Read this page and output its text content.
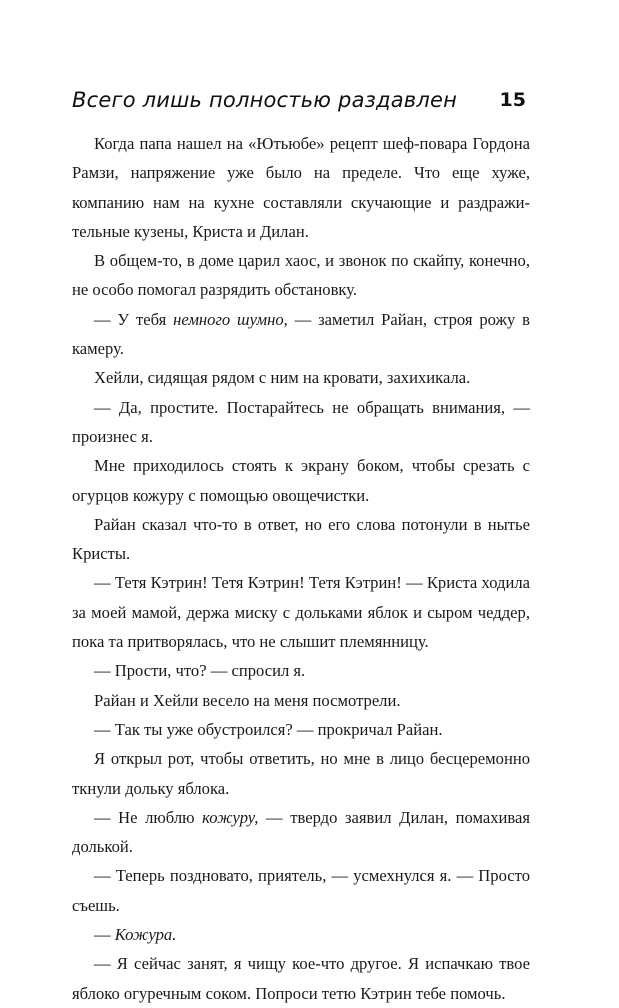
Всего лишь полностью раздавлен 15

Когда папа нашел на «Ютьюбе» рецепт шеф-повара Гордона Рамзи, напряжение уже было на пределе. Что еще хуже, компанию нам на кухне составляли скучающие и раздражительные кузены, Криста и Дилан.

В общем-то, в доме царил хаос, и звонок по скайпу, конечно, не особо помогал разрядить обстановку.

— У тебя немного шумно, — заметил Райан, строя рожу в камеру.

Хейли, сидящая рядом с ним на кровати, захихикала.

— Да, простите. Постарайтесь не обращать внимания, — произнес я.

Мне приходилось стоять к экрану боком, чтобы срезать с огурцов кожуру с помощью овощечистки.

Райан сказал что-то в ответ, но его слова потонули в нытье Кристы.

— Тетя Кэтрин! Тетя Кэтрин! Тетя Кэтрин! — Криста ходила за моей мамой, держа миску с дольками яблок и сыром чеддер, пока та притворялась, что не слышит племянницу.

— Прости, что? — спросил я.

Райан и Хейли весело на меня посмотрели.

— Так ты уже обустроился? — прокричал Райан.

Я открыл рот, чтобы ответить, но мне в лицо бесцеремонно ткнули дольку яблока.

— Не люблю кожуру, — твердо заявил Дилан, помахивая долькой.

— Теперь поздновато, приятель, — усмехнулся я. — Просто съешь.

— Кожура.

— Я сейчас занят, я чищу кое-что другое. Я испачкаю твое яблоко огуречным соком. Попроси тетю Кэтрин тебе помочь.
